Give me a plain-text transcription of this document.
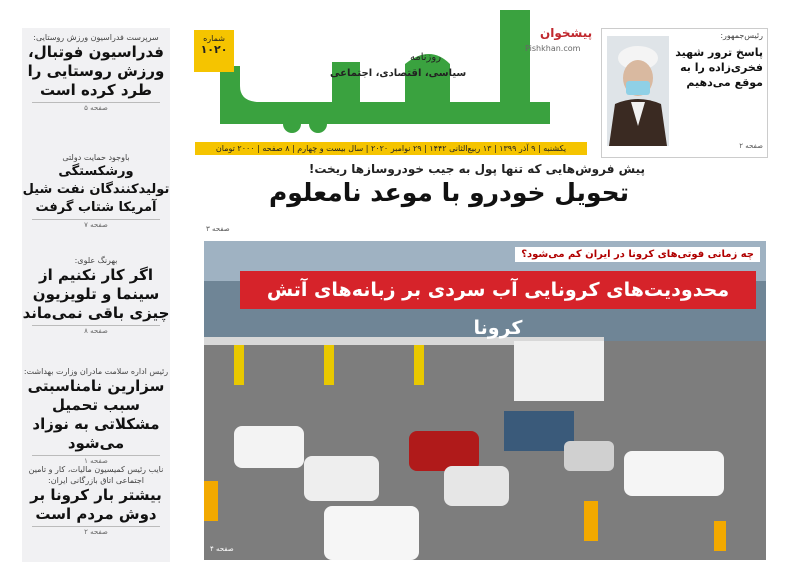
سرپرست فدراسیون ورزش روستایی:
فدراسیون فوتبال، ورزش روستایی را طرد کرده است
صفحه ۵
باوجود حمایت دولتی
ورشکستگی تولیدکنندگان نفت شیل آمریکا شتاب گرفت
صفحه ۷
بهرنگ علوی:
اگر کار نکنیم از سینما و تلویزیون چیزی باقی نمی‌ماند
صفحه ۸
رئیس اداره سلامت مادران وزارت بهداشت:
سزارین نامناسبتی سبب تحمیل مشکلاتی به نوزاد می‌شود
صفحه ۱
نایب رئیس کمیسیون مالیات، کار و تامین اجتماعی اتاق بازرگانی ایران:
بیشتر بار کرونا بر دوش مردم است
صفحه ۲
روزنامه
سیاسی، اقتصادی، اجتماعی
شماره
۱۰۲۰
پیشخوان
Pishkhan.com
یکشنبه | ۹ آذر ۱۳۹۹ | ۱۳ ربیع‌الثانی ۱۴۴۲ | ۲۹ نوامبر ۲۰۲۰ | سال بیست و چهارم | ۸ صفحه | ۲۰۰۰ تومان
رئیس‌جمهور:
پاسخ ترور شهید فخری‌زاده را به موقع می‌دهیم
صفحه ۲
پیش فروش‌هایی که تنها پول به جیب خودروسازها ریخت!
تحویل خودرو با موعد نامعلوم
صفحه ۳
چه زمانی فوتی‌های کرونا در ایران کم می‌شود؟
محدودیت‌های کرونایی آب سردی بر زبانه‌های آتش کرونا
صفحه ۴
